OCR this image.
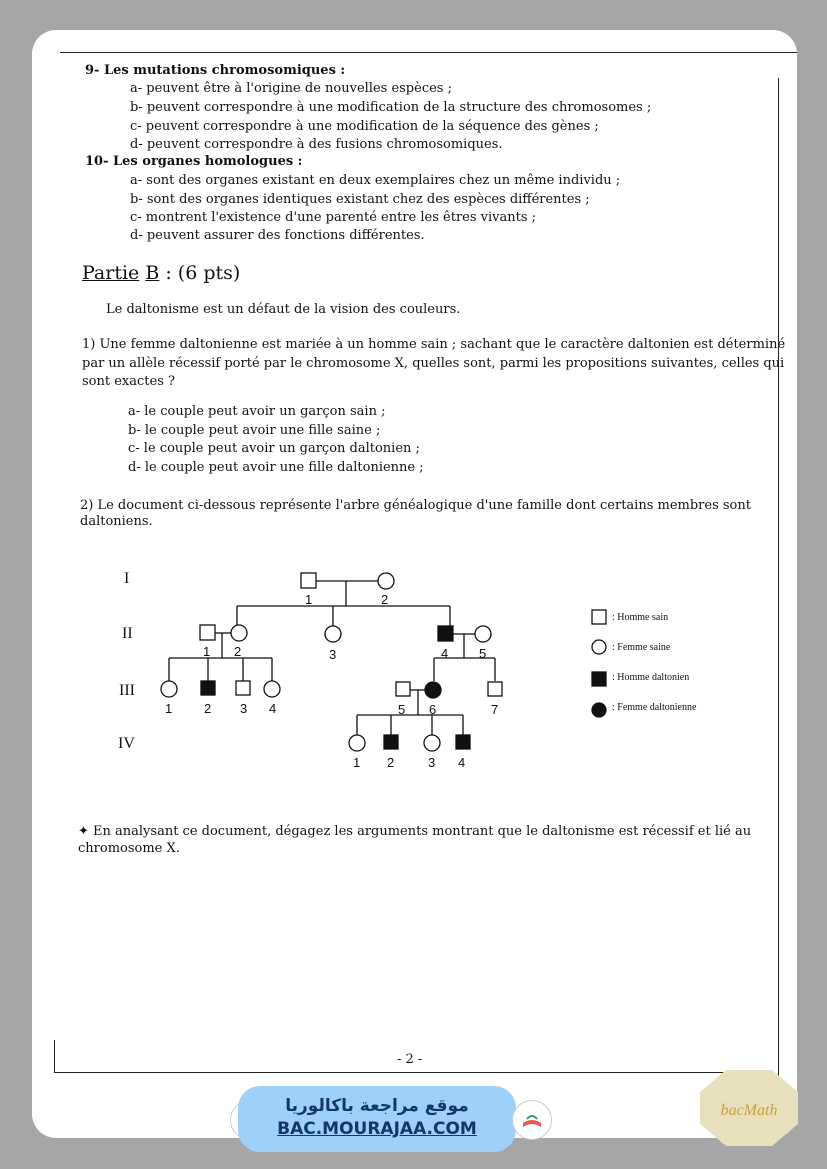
9- Les mutations chromosomiques :
a- peuvent être à l'origine de nouvelles espèces ;
b- peuvent correspondre à une modification de la structure des chromosomes ;
c- peuvent correspondre à une modification de la séquence des gènes ;
d- peuvent correspondre à des fusions chromosomiques.
10- Les organes homologues :
a- sont des organes existant en deux exemplaires chez un même individu ;
b- sont des organes identiques existant chez des espèces différentes ;
c- montrent l'existence d'une parenté entre les êtres vivants ;
d- peuvent assurer des fonctions différentes.
Partie B : (6 pts)
Le daltonisme est un défaut de la vision des couleurs.
1) Une femme daltonienne est mariée à un homme sain ; sachant que le caractère daltonien est déterminé
par un allèle récessif porté par le chromosome X, quelles sont, parmi les propositions suivantes, celles qui
sont exactes ?
a- le couple peut avoir un garçon sain ;
b- le couple peut avoir une fille saine ;
c- le couple peut avoir un garçon daltonien ;
d- le couple peut avoir une fille daltonienne ;
2) Le document ci-dessous représente l'arbre généalogique d'une famille dont certains membres sont
daltoniens.
I
II
III
IV
1	2
1 2	3	4 5
1 2 3 4	5 6	7
1 2	3 4
: Homme sain
: Femme saine
: Homme daltonien
: Femme daltonienne
✦ En analysant ce document, dégagez les arguments montrant que le daltonisme est récessif et lié au
chromosome X.
- 2 -
موقع مراجعة باكالوريا
BAC.MOURAJAA.COM
bacMath
